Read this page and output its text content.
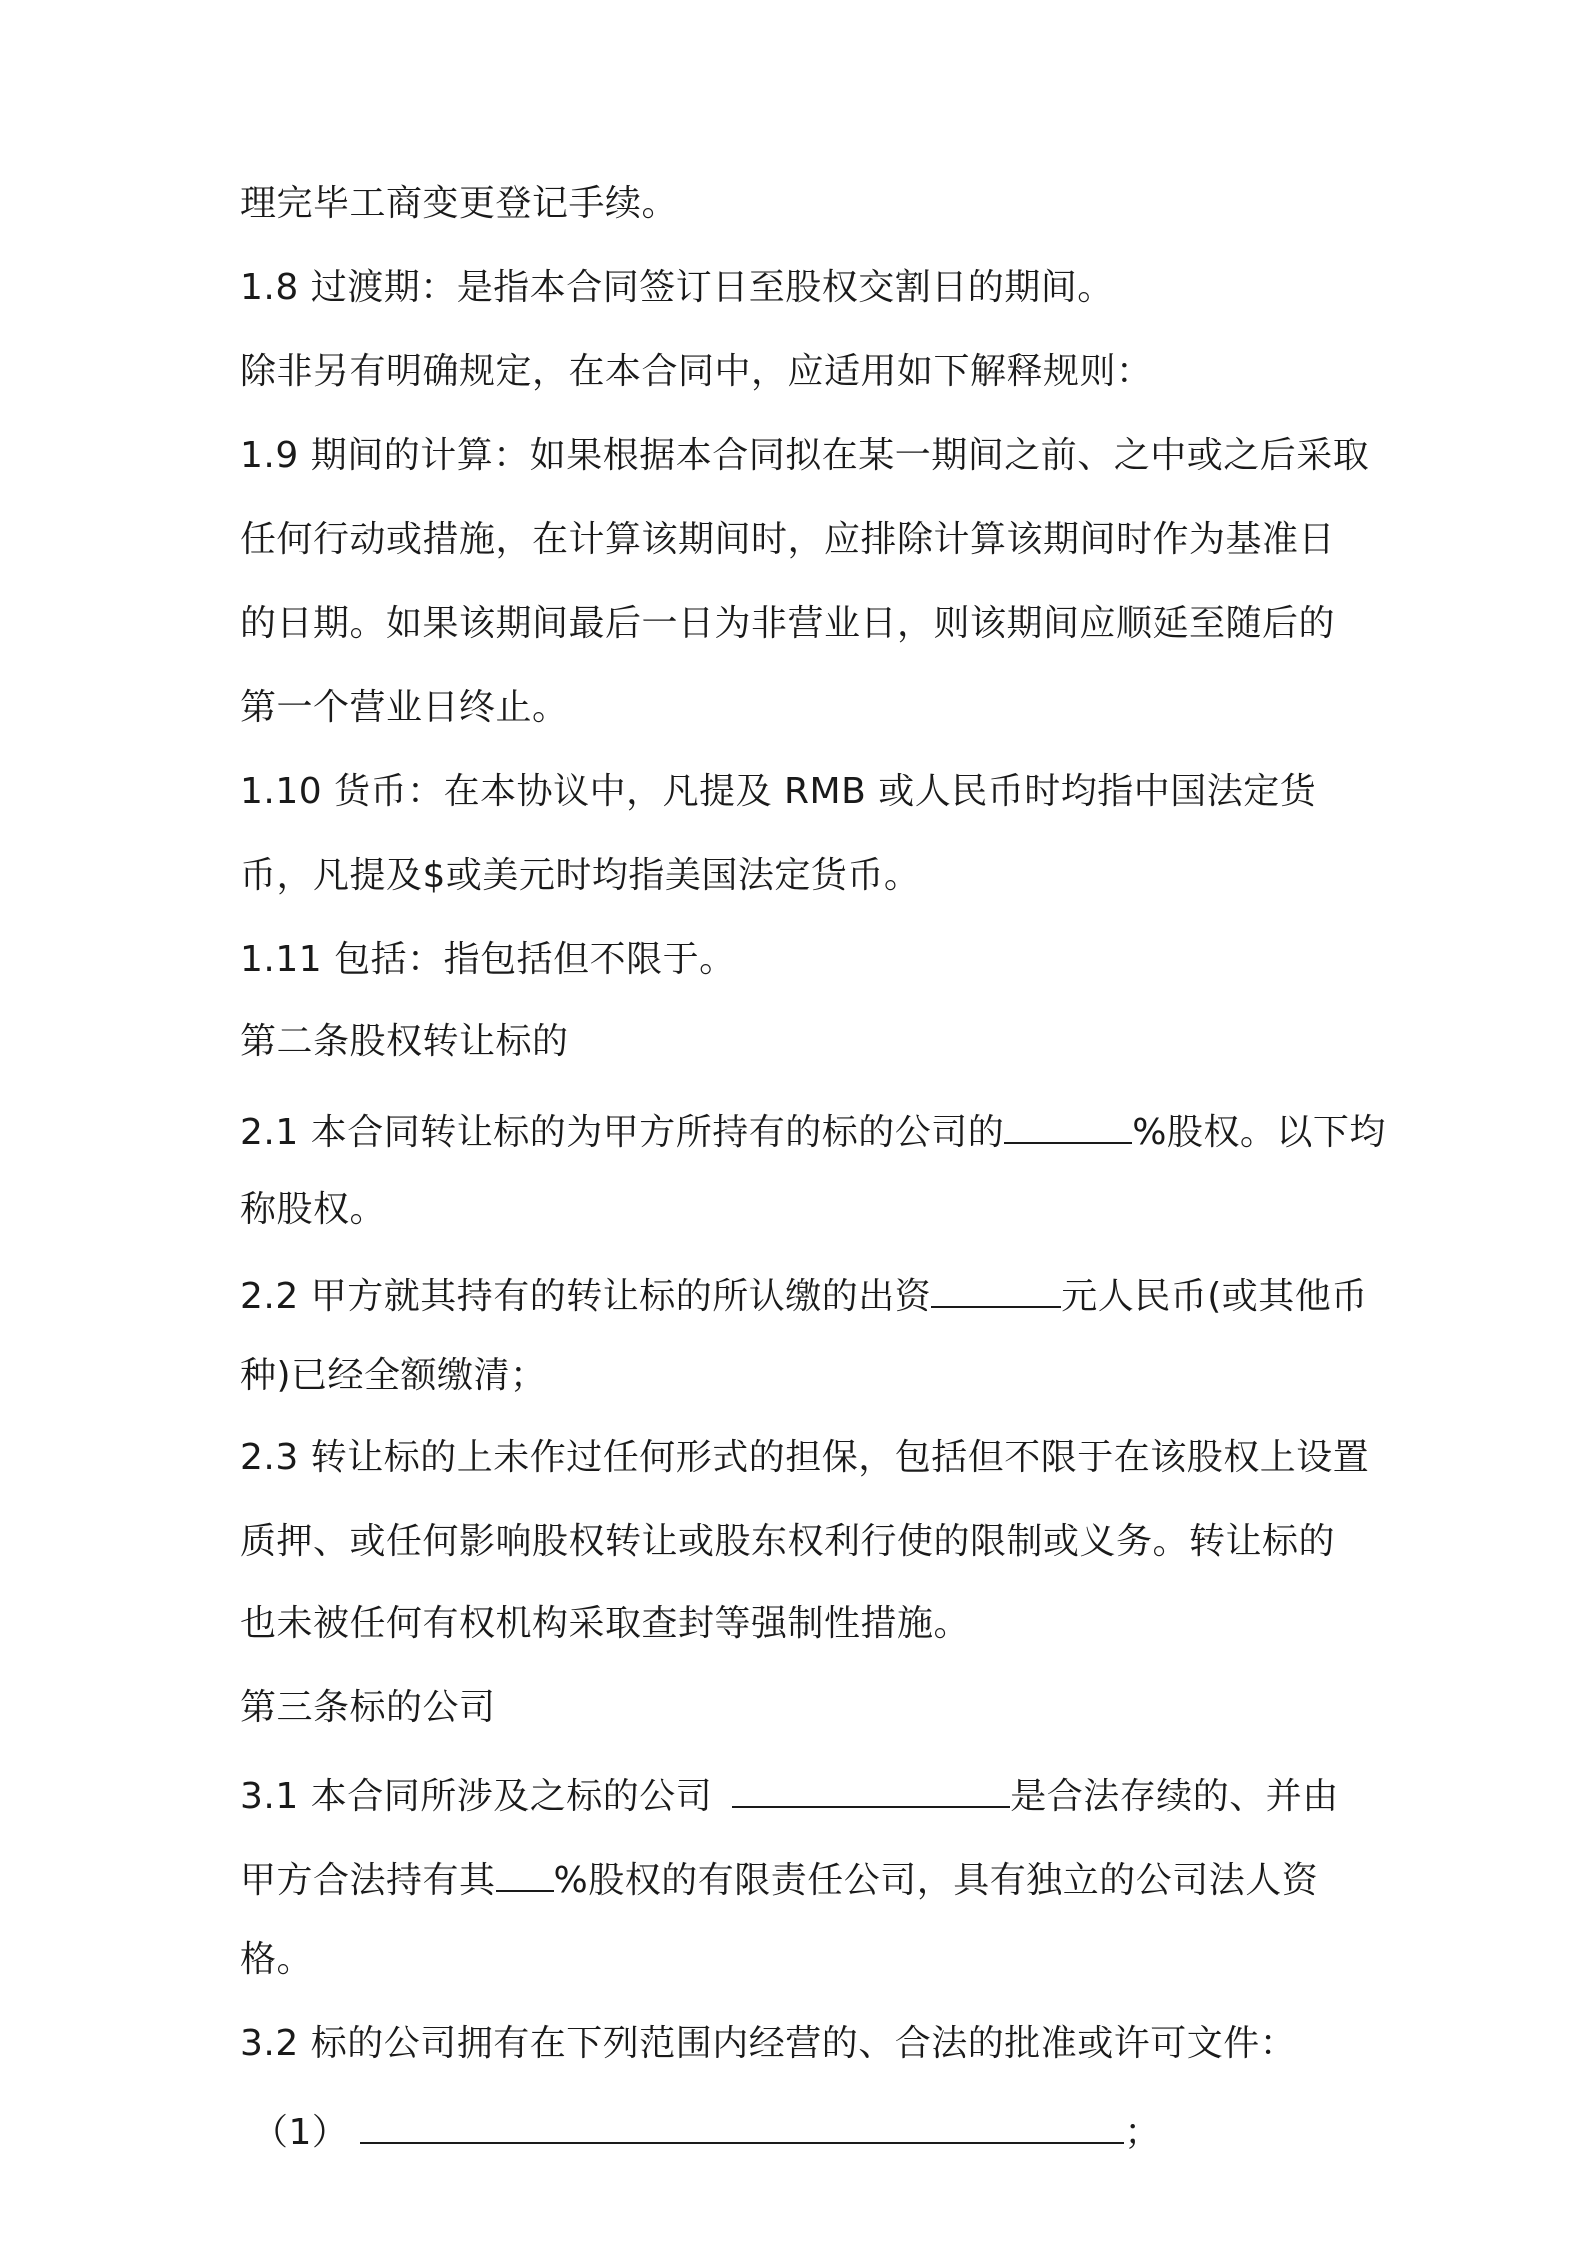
理完毕工商变更登记手续。
1.8 过渡期：是指本合同签订日至股权交割日的期间。
除非另有明确规定，在本合同中，应适用如下解释规则：
1.9 期间的计算：如果根据本合同拟在某一期间之前、之中或之后采取
任何行动或措施，在计算该期间时，应排除计算该期间时作为基准日
的日期。如果该期间最后一日为非营业日，则该期间应顺延至随后的
第一个营业日终止。
1.10 货币：在本协议中，凡提及 RMB 或人民币时均指中国法定货
币，凡提及$或美元时均指美国法定货币。
1.11 包括：指包括但不限于。
第二条股权转让标的
2.1 本合同转让标的为甲方所持有的标的公司的	%股权。以下均
称股权。
2.2 甲方就其持有的转让标的所认缴的出资	元人民币(或其他币
种)已经全额缴清；
2.3 转让标的上未作过任何形式的担保，包括但不限于在该股权上设置
质押、或任何影响股权转让或股东权利行使的限制或义务。转让标的
也未被任何有权机构采取查封等强制性措施。
第三条标的公司
3.1 本合同所涉及之标的公司	是合法存续的、并由
甲方合法持有其 %股权的有限责任公司，具有独立的公司法人资
格。
3.2 标的公司拥有在下列范围内经营的、合法的批准或许可文件：
（1）	；
